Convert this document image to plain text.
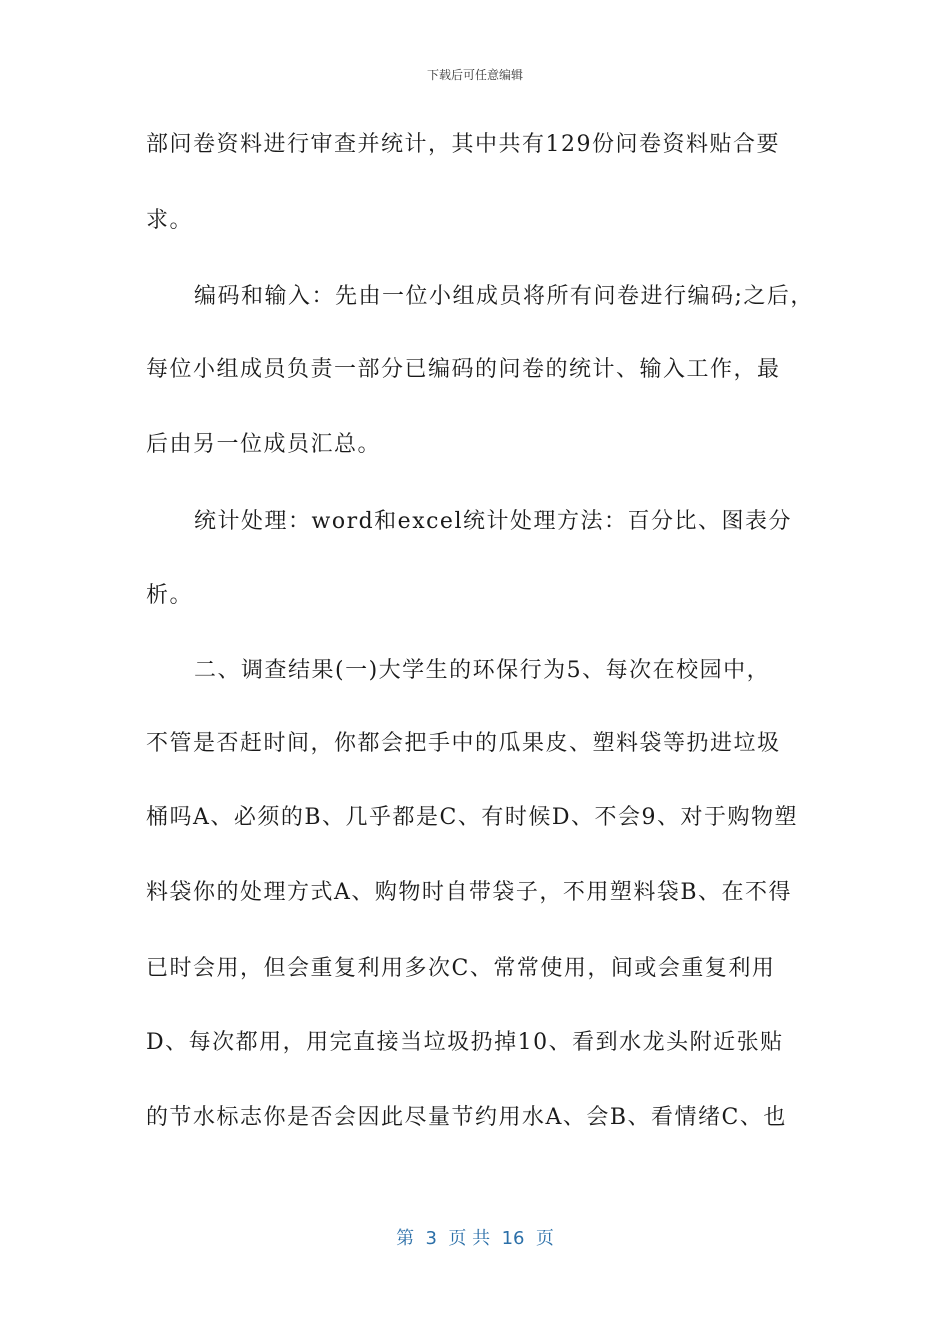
下载后可任意编辑
部问卷资料进行审查并统计，其中共有129份问卷资料贴合要
求。
编码和输入：先由一位小组成员将所有问卷进行编码;之后，
每位小组成员负责一部分已编码的问卷的统计、输入工作，最
后由另一位成员汇总。
统计处理：word和excel统计处理方法：百分比、图表分
析。
二、调查结果(一)大学生的环保行为5、每次在校园中，
不管是否赶时间，你都会把手中的瓜果皮、塑料袋等扔进垃圾
桶吗A、必须的B、几乎都是C、有时候D、不会9、对于购物塑
料袋你的处理方式A、购物时自带袋子，不用塑料袋B、在不得
已时会用，但会重复利用多次C、常常使用，间或会重复利用
D、每次都用，用完直接当垃圾扔掉10、看到水龙头附近张贴
的节水标志你是否会因此尽量节约用水A、会B、看情绪C、也
第  3  页 共  16  页
